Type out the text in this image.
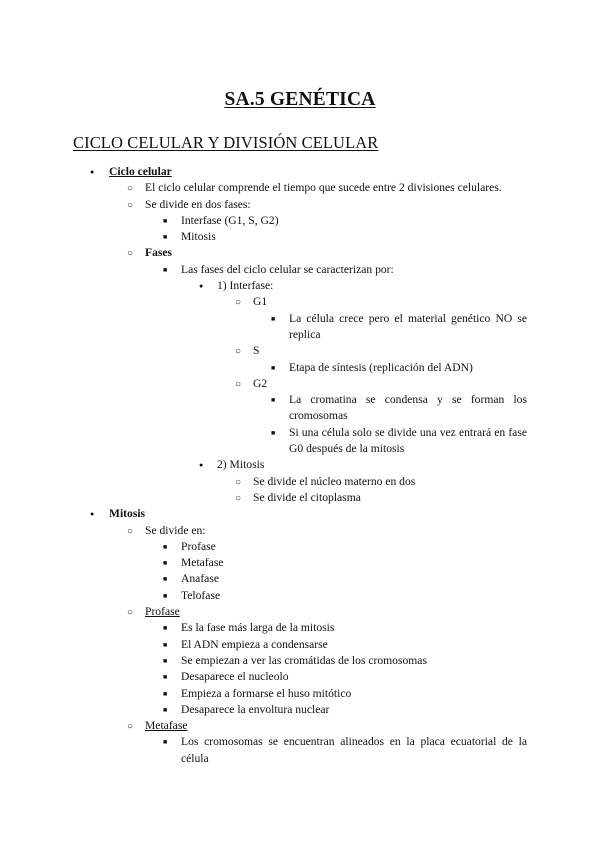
SA.5 GENÉTICA
CICLO CELULAR Y DIVISIÓN CELULAR
●
Ciclo celular
○
El ciclo celular comprende el tiempo que sucede entre 2 divisiones celulares.
○
Se divide en dos fases:
■
Interfase (G1, S, G2)
■
Mitosis
○
Fases
■
Las fases del ciclo celular se caracterizan por:
●
1) Interfase:
○
G1
■
La célula crece pero el material genético NO se replica
○
S
■
Etapa de síntesis (replicación del ADN)
○
G2
■
La cromatina se condensa y se forman los cromosomas
■
Si una célula solo se divide una vez entrará en fase G0 después de la mitosis
●
2) Mitosis
○
Se divide el núcleo materno en dos
○
Se divide el citoplasma
●
Mitosis
○
Se divide en:
■
Profase
■
Metafase
■
Anafase
■
Telofase
○
Profase
■
Es la fase más larga de la mitosis
■
El ADN empieza a condensarse
■
Se empiezan a ver las cromátidas de los cromosomas
■
Desaparece el nucleolo
■
Empieza a formarse el huso mitótico
■
Desaparece la envoltura nuclear
○
Metafase
■
Los cromosomas se encuentran alineados en la placa ecuatorial de la célula
